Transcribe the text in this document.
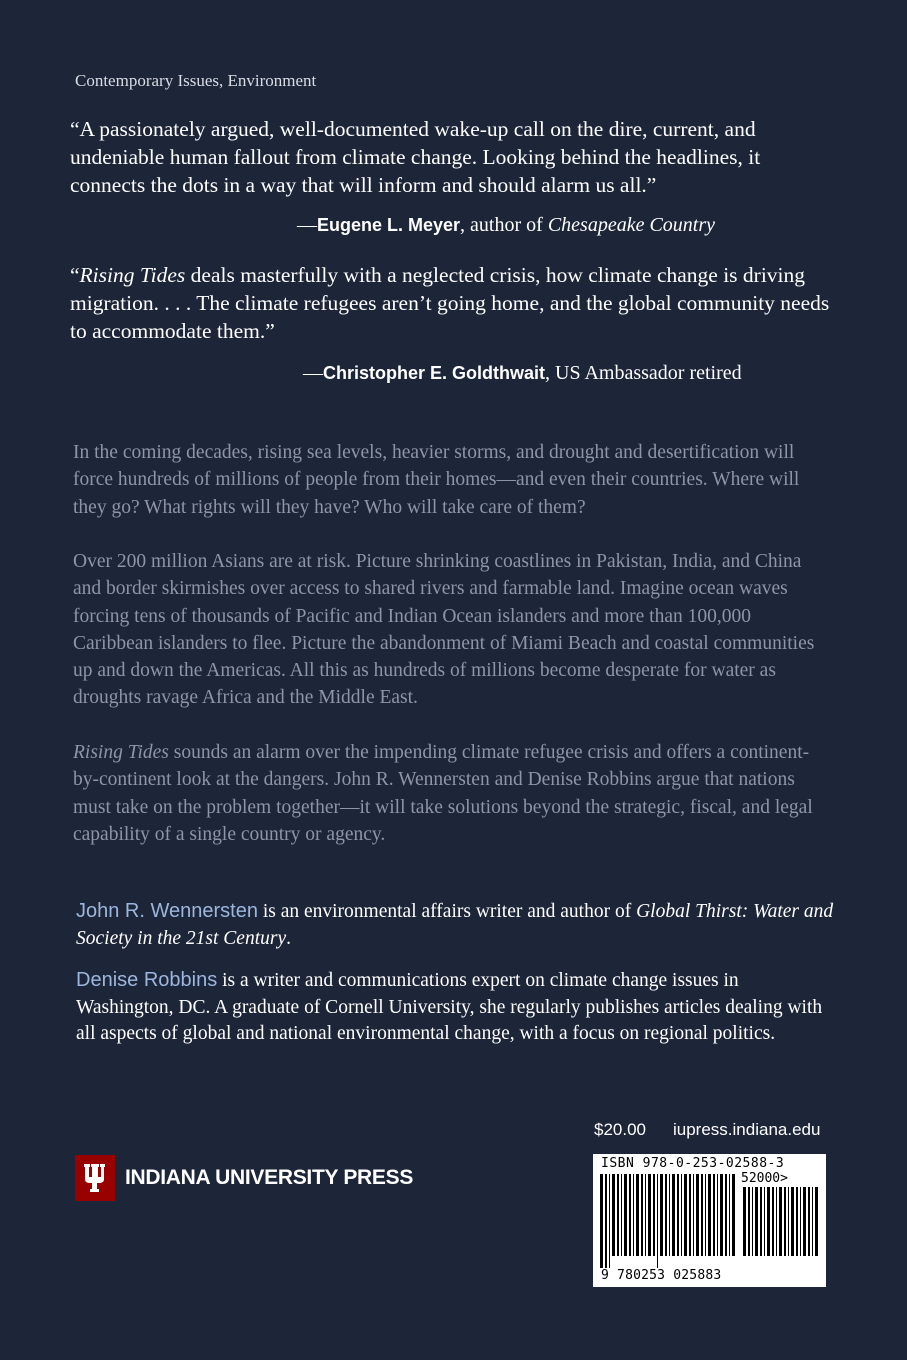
Contemporary Issues, Environment
“A passionately argued, well-documented wake-up call on the dire, current, and undeniable human fallout from climate change. Looking behind the headlines, it connects the dots in a way that will inform and should alarm us all.”
—Eugene L. Meyer, author of Chesapeake Country
“Rising Tides deals masterfully with a neglected crisis, how climate change is driving migration. . . . The climate refugees aren’t going home, and the global community needs to accommodate them.”
—Christopher E. Goldthwait, US Ambassador retired
In the coming decades, rising sea levels, heavier storms, and drought and desertification will force hundreds of millions of people from their homes—and even their countries. Where will they go? What rights will they have? Who will take care of them?
Over 200 million Asians are at risk. Picture shrinking coastlines in Pakistan, India, and China and border skirmishes over access to shared rivers and farmable land. Imagine ocean waves forcing tens of thousands of Pacific and Indian Ocean islanders and more than 100,000 Caribbean islanders to flee. Picture the abandonment of Miami Beach and coastal communities up and down the Americas. All this as hundreds of millions become desperate for water as droughts ravage Africa and the Middle East.
Rising Tides sounds an alarm over the impending climate refugee crisis and offers a continent-by-continent look at the dangers. John R. Wennersten and Denise Robbins argue that nations must take on the problem together—it will take solutions beyond the strategic, fiscal, and legal capability of a single country or agency.
John R. Wennersten is an environmental affairs writer and author of Global Thirst: Water and Society in the 21st Century.
Denise Robbins is a writer and communications expert on climate change issues in Washington, DC. A graduate of Cornell University, she regularly publishes articles dealing with all aspects of global and national environmental change, with a focus on regional politics.
$20.00 iupress.indiana.edu
INDIANA UNIVERSITY PRESS
ISBN 978-0-253-02588-3
52000>
9 780253 025883
